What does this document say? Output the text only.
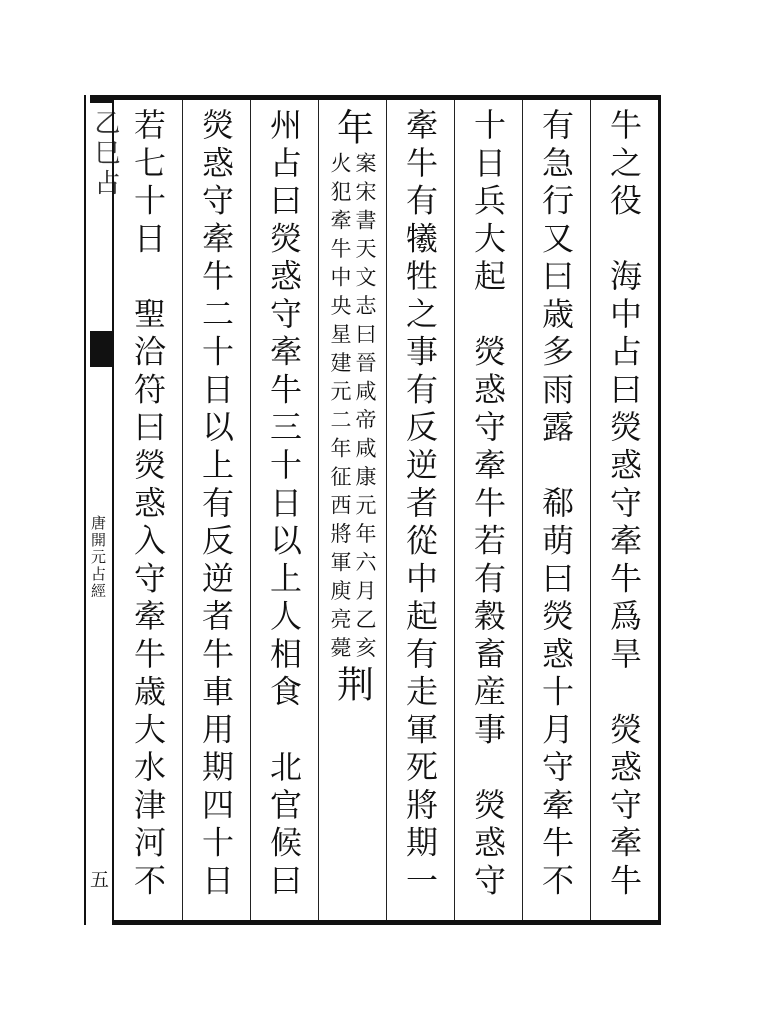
乙巳占
唐開元占經
五	牛之役　海中占曰熒惑守牽牛爲旱　熒惑守牽牛
有急行又曰歳多雨露　郗萌曰熒惑十月守牽牛不
十日兵大起　熒惑守牽牛若有穀畜産事　熒惑守
牽牛有犧牲之事有反逆者從中起有走軍死將期一
年
案宋書天文志曰晉咸帝咸康元年六月乙亥
火犯牽牛中央星建元二年征西將軍庾亮薨
荆
州占曰熒惑守牽牛三十日以上人相食　北官候曰
熒惑守牽牛二十日以上有反逆者牛車用期四十日
若七十日　聖洽符曰熒惑入守牽牛歳大水津河不
